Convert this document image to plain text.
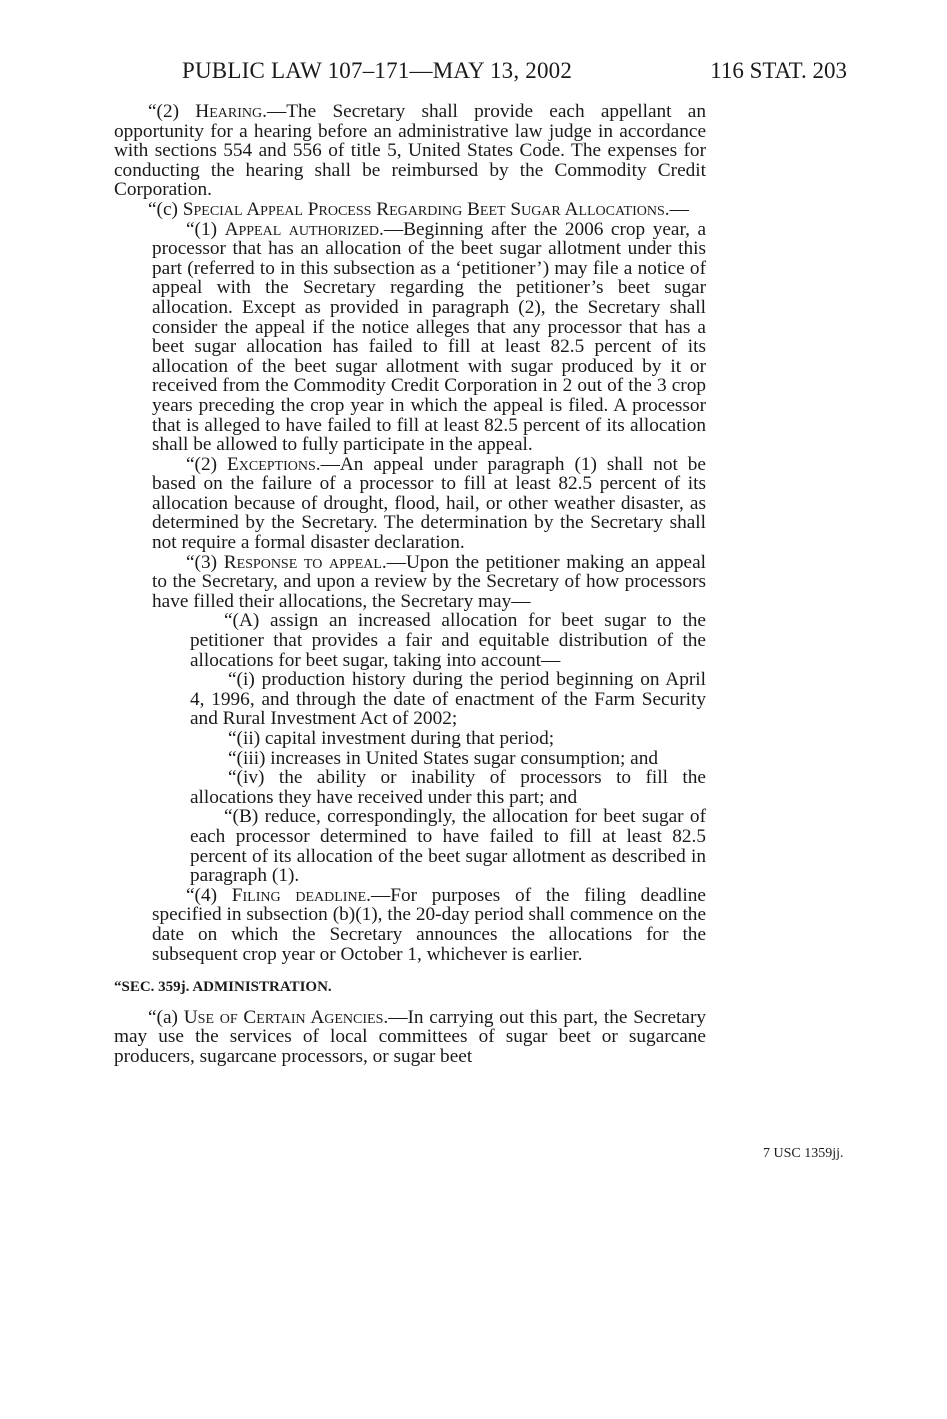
PUBLIC LAW 107–171—MAY 13, 2002	116 STAT. 203

“(2) Hearing.—The Secretary shall provide each appellant an opportunity for a hearing before an administrative law judge in accordance with sections 554 and 556 of title 5, United States Code. The expenses for conducting the hearing shall be reimbursed by the Commodity Credit Corporation.

“(c) Special Appeal Process Regarding Beet Sugar Allocations.—

“(1) Appeal authorized.—Beginning after the 2006 crop year, a processor that has an allocation of the beet sugar allotment under this part (referred to in this subsection as a ‘petitioner’) may file a notice of appeal with the Secretary regarding the petitioner’s beet sugar allocation. Except as provided in paragraph (2), the Secretary shall consider the appeal if the notice alleges that any processor that has a beet sugar allocation has failed to fill at least 82.5 percent of its allocation of the beet sugar allotment with sugar produced by it or received from the Commodity Credit Corporation in 2 out of the 3 crop years preceding the crop year in which the appeal is filed. A processor that is alleged to have failed to fill at least 82.5 percent of its allocation shall be allowed to fully participate in the appeal.

“(2) Exceptions.—An appeal under paragraph (1) shall not be based on the failure of a processor to fill at least 82.5 percent of its allocation because of drought, flood, hail, or other weather disaster, as determined by the Secretary. The determination by the Secretary shall not require a formal disaster declaration.

“(3) Response to appeal.—Upon the petitioner making an appeal to the Secretary, and upon a review by the Secretary of how processors have filled their allocations, the Secretary may—

“(A) assign an increased allocation for beet sugar to the petitioner that provides a fair and equitable distribution of the allocations for beet sugar, taking into account—

“(i) production history during the period beginning on April 4, 1996, and through the date of enactment of the Farm Security and Rural Investment Act of 2002;

“(ii) capital investment during that period;

“(iii) increases in United States sugar consumption; and

“(iv) the ability or inability of processors to fill the allocations they have received under this part; and

“(B) reduce, correspondingly, the allocation for beet sugar of each processor determined to have failed to fill at least 82.5 percent of its allocation of the beet sugar allotment as described in paragraph (1).

“(4) Filing deadline.—For purposes of the filing deadline specified in subsection (b)(1), the 20-day period shall commence on the date on which the Secretary announces the allocations for the subsequent crop year or October 1, whichever is earlier.

“SEC. 359j. ADMINISTRATION.

“(a) Use of Certain Agencies.—In carrying out this part, the Secretary may use the services of local committees of sugar beet or sugarcane producers, sugarcane processors, or sugar beet

7 USC 1359jj.
